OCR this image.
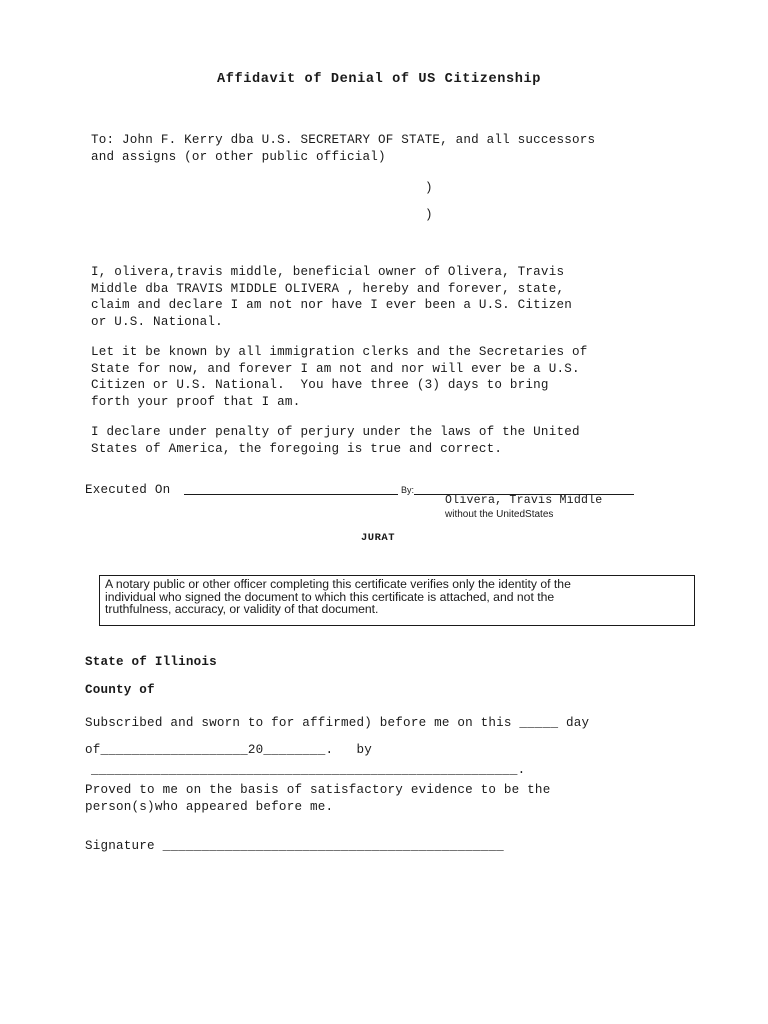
Affidavit of Denial of US Citizenship
To: John F. Kerry dba U.S. SECRETARY OF STATE, and all successors
and assigns (or other public official)
)
)
I, olivera,travis middle, beneficial owner of Olivera, Travis
Middle dba TRAVIS MIDDLE OLIVERA , hereby and forever, state,
claim and declare I am not nor have I ever been a U.S. Citizen
or U.S. National.
Let it be known by all immigration clerks and the Secretaries of
State for now, and forever I am not and nor will ever be a U.S.
Citizen or U.S. National.  You have three (3) days to bring
forth your proof that I am.
I declare under penalty of perjury under the laws of the United
States of America, the foregoing is true and correct.
Executed On	By:
Olivera, Travis Middle
without the UnitedStates
JURAT
A notary public or other officer completing this certificate verifies only the identity of the
individual who signed the document to which this certificate is attached, and not the
truthfulness, accuracy, or validity of that document.
State of Illinois
County of
Subscribed and sworn to for affirmed) before me on this _____ day
of___________________20________.   by
_______________________________________________________.
Proved to me on the basis of satisfactory evidence to be the
person(s)who appeared before me.
Signature ____________________________________________
